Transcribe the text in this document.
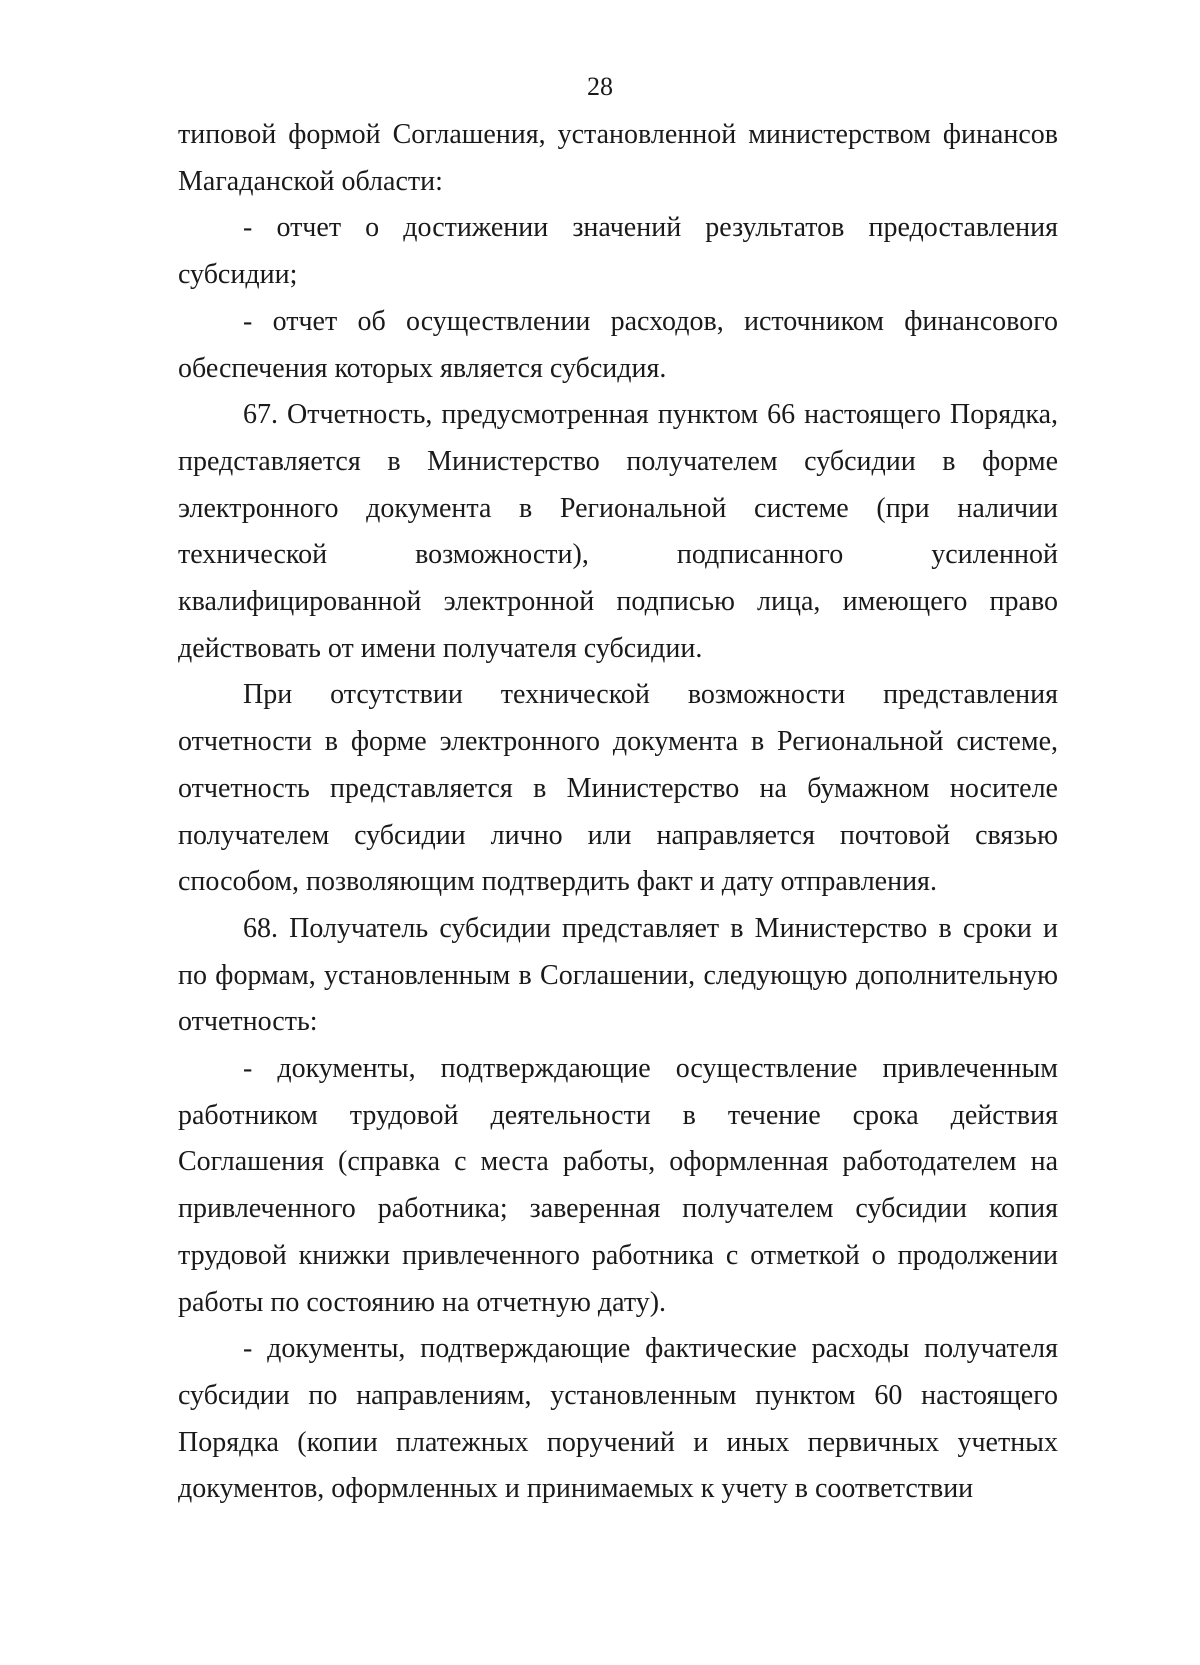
28

типовой формой Соглашения, установленной министерством финансов Магаданской области:

- отчет о достижении значений результатов предоставления субсидии;

- отчет об осуществлении расходов, источником финансового обеспечения которых является субсидия.

67. Отчетность, предусмотренная пунктом 66 настоящего Порядка, представляется в Министерство получателем субсидии в форме электронного документа в Региональной системе (при наличии технической возможности), подписанного усиленной квалифицированной электронной подписью лица, имеющего право действовать от имени получателя субсидии.

При отсутствии технической возможности представления отчетности в форме электронного документа в Региональной системе, отчетность представляется в Министерство на бумажном носителе получателем субсидии лично или направляется почтовой связью способом, позволяющим подтвердить факт и дату отправления.

68. Получатель субсидии представляет в Министерство в сроки и по формам, установленным в Соглашении, следующую дополнительную отчетность:

- документы, подтверждающие осуществление привлеченным работником трудовой деятельности в течение срока действия Соглашения (справка с места работы, оформленная работодателем на привлеченного работника; заверенная получателем субсидии копия трудовой книжки привлеченного работника с отметкой о продолжении работы по состоянию на отчетную дату).

- документы, подтверждающие фактические расходы получателя субсидии по направлениям, установленным пунктом 60 настоящего Порядка (копии платежных поручений и иных первичных учетных документов, оформленных и принимаемых к учету в соответствии
